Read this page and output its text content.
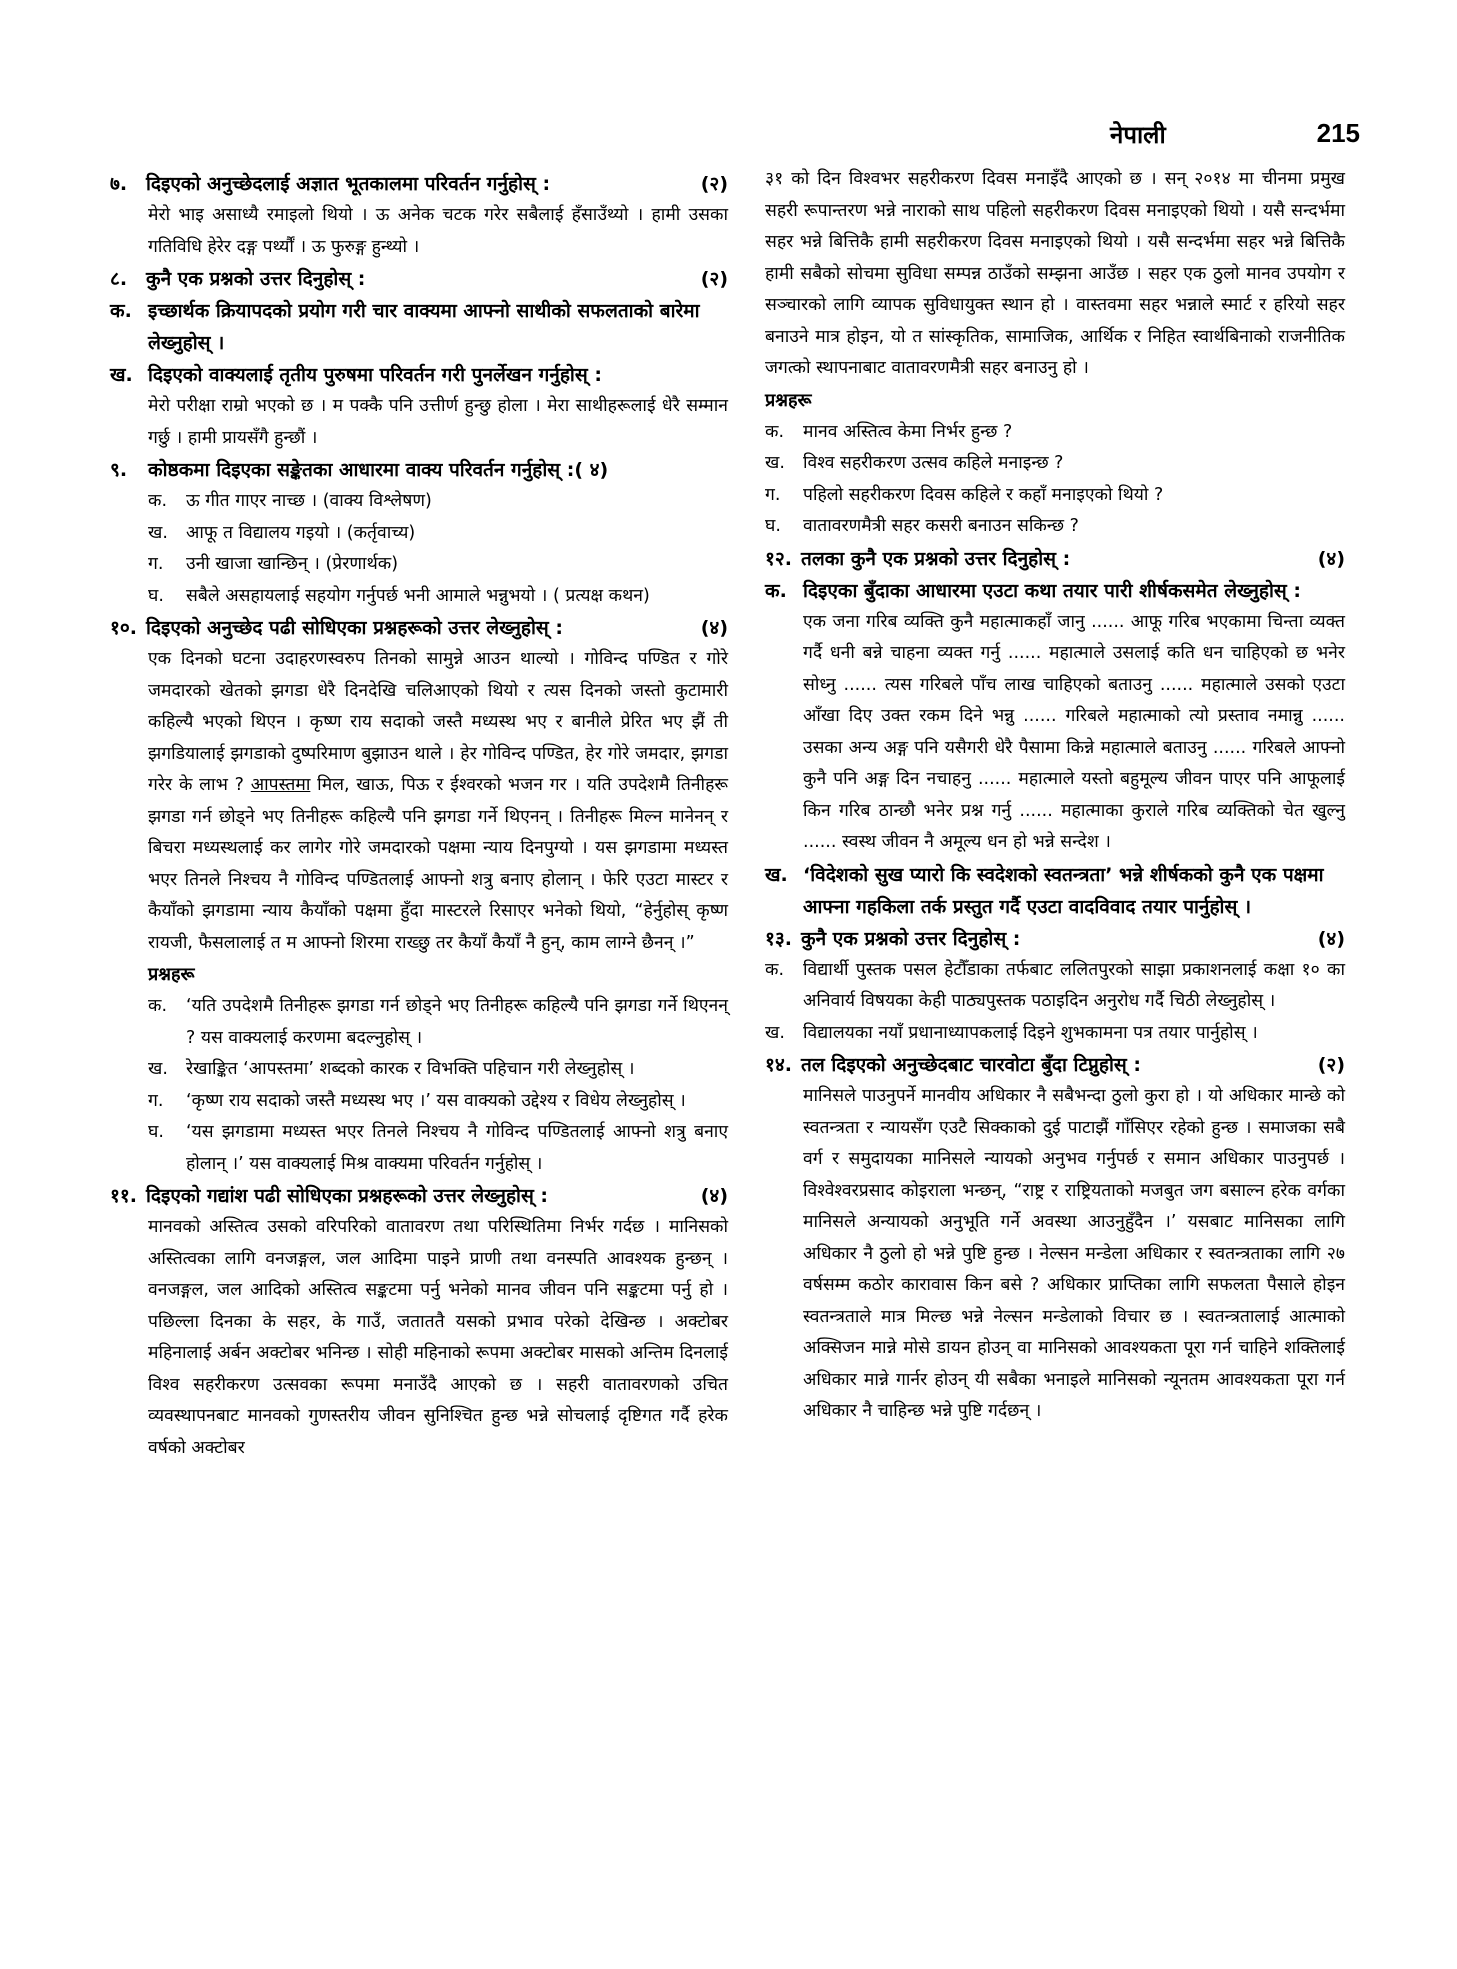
नेपाली	215
७. दिइएको अनुच्छेदलाई अज्ञात भूतकालमा परिवर्तन गर्नुहोस् :	(२)
मेरो भाइ असाध्यै रमाइलो थियो । ऊ अनेक चटक गरेर सबैलाई हँसाउँथ्यो । हामी उसका गतिविधि हेरेर दङ्ग पर्थ्यौं । ऊ फुरुङ्ग हुन्थ्यो ।
८. कुनै एक प्रश्नको उत्तर दिनुहोस् :	(२)
क. इच्छार्थक क्रियापदको प्रयोग गरी चार वाक्यमा आफ्नो साथीको सफलताको बारेमा लेख्नुहोस् ।
ख. दिइएको वाक्यलाई तृतीय पुरुषमा परिवर्तन गरी पुनर्लेखन गर्नुहोस् :
मेरो परीक्षा राम्रो भएको छ । म पक्कै पनि उत्तीर्ण हुन्छु होला । मेरा साथीहरूलाई धेरै सम्मान गर्छु । हामी प्रायसँगै हुन्छौं ।
९. कोष्ठकमा दिइएका सङ्केतका आधारमा वाक्य परिवर्तन गर्नुहोस् :( ४)
क. ऊ गीत गाएर नाच्छ । (वाक्य विश्लेषण)
ख. आफू त विद्यालय गइयो । (कर्तृवाच्य)
ग. उनी खाजा खान्छिन् । (प्रेरणार्थक)
घ. सबैले असहायलाई सहयोग गर्नुपर्छ भनी आमाले भन्नुभयो । ( प्रत्यक्ष कथन)
१०. दिइएको अनुच्छेद पढी सोधिएका प्रश्नहरूको उत्तर लेख्नुहोस् :	(४)
एक दिनको घटना उदाहरणस्वरुप तिनको सामुन्ने आउन थाल्यो । गोविन्द पण्डित र गोरे जमदारको खेतको झगडा धेरै दिनदेखि चलिआएको थियो र त्यस दिनको जस्तो कुटामारी कहिल्यै भएको थिएन । कृष्ण राय सदाको जस्तै मध्यस्थ भए र बानीले प्रेरित भए झैं ती झगडियालाई झगडाको दुष्परिमाण बुझाउन थाले । हेर गोविन्द पण्डित, हेर गोरे जमदार, झगडा गरेर के लाभ ? आपस्तमा मिल, खाऊ, पिऊ र ईश्वरको भजन गर । यति उपदेशमै तिनीहरू झगडा गर्न छोड्ने भए तिनीहरू कहिल्यै पनि झगडा गर्ने थिएनन् । तिनीहरू मिल्न मानेनन् र बिचरा मध्यस्थलाई कर लागेर गोरे जमदारको पक्षमा न्याय दिनपुग्यो । यस झगडामा मध्यस्त भएर तिनले निश्चय नै गोविन्द पण्डितलाई आफ्नो शत्रु बनाए होलान् । फेरि एउटा मास्टर र कैयाँको झगडामा न्याय कैयाँको पक्षमा हुँदा मास्टरले रिसाएर भनेको थियो, “हेर्नुहोस् कृष्ण रायजी, फैसलालाई त म आफ्नो शिरमा राख्छु तर कैयाँ कैयाँ नै हुन्, काम लाग्ने छैनन् ।”
प्रश्नहरू
क. ‘यति उपदेशमै तिनीहरू झगडा गर्न छोड्ने भए तिनीहरू कहिल्यै पनि झगडा गर्ने थिएनन् ? यस वाक्यलाई करणमा बदल्नुहोस् ।
ख. रेखाङ्कित ‘आपस्तमा’ शब्दको कारक र विभक्ति पहिचान गरी लेख्नुहोस् ।
ग. ‘कृष्ण राय सदाको जस्तै मध्यस्थ भए ।’ यस वाक्यको उद्देश्य र विधेय लेख्नुहोस् ।
घ. ‘यस झगडामा मध्यस्त भएर तिनले निश्चय नै गोविन्द पण्डितलाई आफ्नो शत्रु बनाए होलान् ।’ यस वाक्यलाई मिश्र वाक्यमा परिवर्तन गर्नुहोस् ।
११. दिइएको गद्यांश पढी सोधिएका प्रश्नहरूको उत्तर लेख्नुहोस् :	(४)
मानवको अस्तित्व उसको वरिपरिको वातावरण तथा परिस्थितिमा निर्भर गर्दछ । मानिसको अस्तित्वका लागि वनजङ्गल, जल आदिमा पाइने प्राणी तथा वनस्पति आवश्यक हुन्छन् । वनजङ्गल, जल आदिको अस्तित्व सङ्कटमा पर्नु भनेको मानव जीवन पनि सङ्कटमा पर्नु हो । पछिल्ला दिनका के सहर, के गाउँ, जताततै यसको प्रभाव परेको देखिन्छ । अक्टोबर महिनालाई अर्बन अक्टोबर भनिन्छ । सोही महिनाको रूपमा अक्टोबर मासको अन्तिम दिनलाई विश्व सहरीकरण उत्सवका रूपमा मनाउँदै आएको छ । सहरी वातावरणको उचित व्यवस्थापनबाट मानवको गुणस्तरीय जीवन सुनिश्चित हुन्छ भन्ने सोचलाई दृष्टिगत गर्दै हरेक वर्षको अक्टोबर
३१ को दिन विश्वभर सहरीकरण दिवस मनाइँदै आएको छ । सन् २०१४ मा चीनमा प्रमुख सहरी रूपान्तरण भन्ने नाराको साथ पहिलो सहरीकरण दिवस मनाइएको थियो । यसै सन्दर्भमा सहर भन्ने बित्तिकै हामी सहरीकरण दिवस मनाइएको थियो । यसै सन्दर्भमा सहर भन्ने बित्तिकै हामी सबैको सोचमा सुविधा सम्पन्न ठाउँको सम्झना आउँछ । सहर एक ठुलो मानव उपयोग र सञ्चारको लागि व्यापक सुविधायुक्त स्थान हो । वास्तवमा सहर भन्नाले स्मार्ट र हरियो सहर बनाउने मात्र होइन, यो त सांस्कृतिक, सामाजिक, आर्थिक र निहित स्वार्थबिनाको राजनीतिक जगत्को स्थापनाबाट वातावरणमैत्री सहर बनाउनु हो ।
प्रश्नहरू
क. मानव अस्तित्व केमा निर्भर हुन्छ ?
ख. विश्व सहरीकरण उत्सव कहिले मनाइन्छ ?
ग. पहिलो सहरीकरण दिवस कहिले र कहाँ मनाइएको थियो ?
घ. वातावरणमैत्री सहर कसरी बनाउन सकिन्छ ?
१२. तलका कुनै एक प्रश्नको उत्तर दिनुहोस् :	(४)
क. दिइएका बुँदाका आधारमा एउटा कथा तयार पारी शीर्षकसमेत लेख्नुहोस् :
एक जना गरिब व्यक्ति कुनै महात्माकहाँ जानु ...... आफू गरिब भएकामा चिन्ता व्यक्त गर्दै धनी बन्ने चाहना व्यक्त गर्नु ...... महात्माले उसलाई कति धन चाहिएको छ भनेर सोध्नु ...... त्यस गरिबले पाँच लाख चाहिएको बताउनु ...... महात्माले उसको एउटा आँखा दिए उक्त रकम दिने भन्नु ...... गरिबले महात्माको त्यो प्रस्ताव नमान्नु ...... उसका अन्य अङ्ग पनि यसैगरी धेरै पैसामा किन्ने महात्माले बताउनु ...... गरिबले आफ्नो कुनै पनि अङ्ग दिन नचाहनु ...... महात्माले यस्तो बहुमूल्य जीवन पाएर पनि आफूलाई किन गरिब ठान्छौ भनेर प्रश्न गर्नु ...... महात्माका कुराले गरिब व्यक्तिको चेत खुल्नु ...... स्वस्थ जीवन नै अमूल्य धन हो भन्ने सन्देश ।
ख. ‘विदेशको सुख प्यारो कि स्वदेशको स्वतन्त्रता’ भन्ने शीर्षकको कुनै एक पक्षमा आफ्ना गहकिला तर्क प्रस्तुत गर्दै एउटा वादविवाद तयार पार्नुहोस् ।
१३. कुनै एक प्रश्नको उत्तर दिनुहोस् :	(४)
क. विद्यार्थी पुस्तक पसल हेटौँडाका तर्फबाट ललितपुरको साझा प्रकाशनलाई कक्षा १० का अनिवार्य विषयका केही पाठ्यपुस्तक पठाइदिन अनुरोध गर्दै चिठी लेख्नुहोस् ।
ख. विद्यालयका नयाँ प्रधानाध्यापकलाई दिइने शुभकामना पत्र तयार पार्नुहोस् ।
१४. तल दिइएको अनुच्छेदबाट चारवोटा बुँदा टिप्नुहोस् :	(२)
मानिसले पाउनुपर्ने मानवीय अधिकार नै सबैभन्दा ठुलो कुरा हो । यो अधिकार मान्छे को स्वतन्त्रता र न्यायसँग एउटै सिक्काको दुई पाटाझैं गाँसिएर रहेको हुन्छ । समाजका सबै वर्ग र समुदायका मानिसले न्यायको अनुभव गर्नुपर्छ र समान अधिकार पाउनुपर्छ । विश्वेश्वरप्रसाद कोइराला भन्छन्, “राष्ट्र र राष्ट्रियताको मजबुत जग बसाल्न हरेक वर्गका मानिसले अन्यायको अनुभूति गर्ने अवस्था आउनुहुँदैन ।’ यसबाट मानिसका लागि अधिकार नै ठुलो हो भन्ने पुष्टि हुन्छ । नेल्सन मन्डेला अधिकार र स्वतन्त्रताका लागि २७ वर्षसम्म कठोर कारावास किन बसे ? अधिकार प्राप्तिका लागि सफलता पैसाले होइन स्वतन्त्रताले मात्र मिल्छ भन्ने नेल्सन मन्डेलाको विचार छ । स्वतन्त्रतालाई आत्माको अक्सिजन मान्ने मोसे डायन होउन् वा मानिसको आवश्यकता पूरा गर्न चाहिने शक्तिलाई अधिकार मान्ने गार्नर होउन् यी सबैका भनाइले मानिसको न्यूनतम आवश्यकता पूरा गर्न अधिकार नै चाहिन्छ भन्ने पुष्टि गर्दछन् ।
